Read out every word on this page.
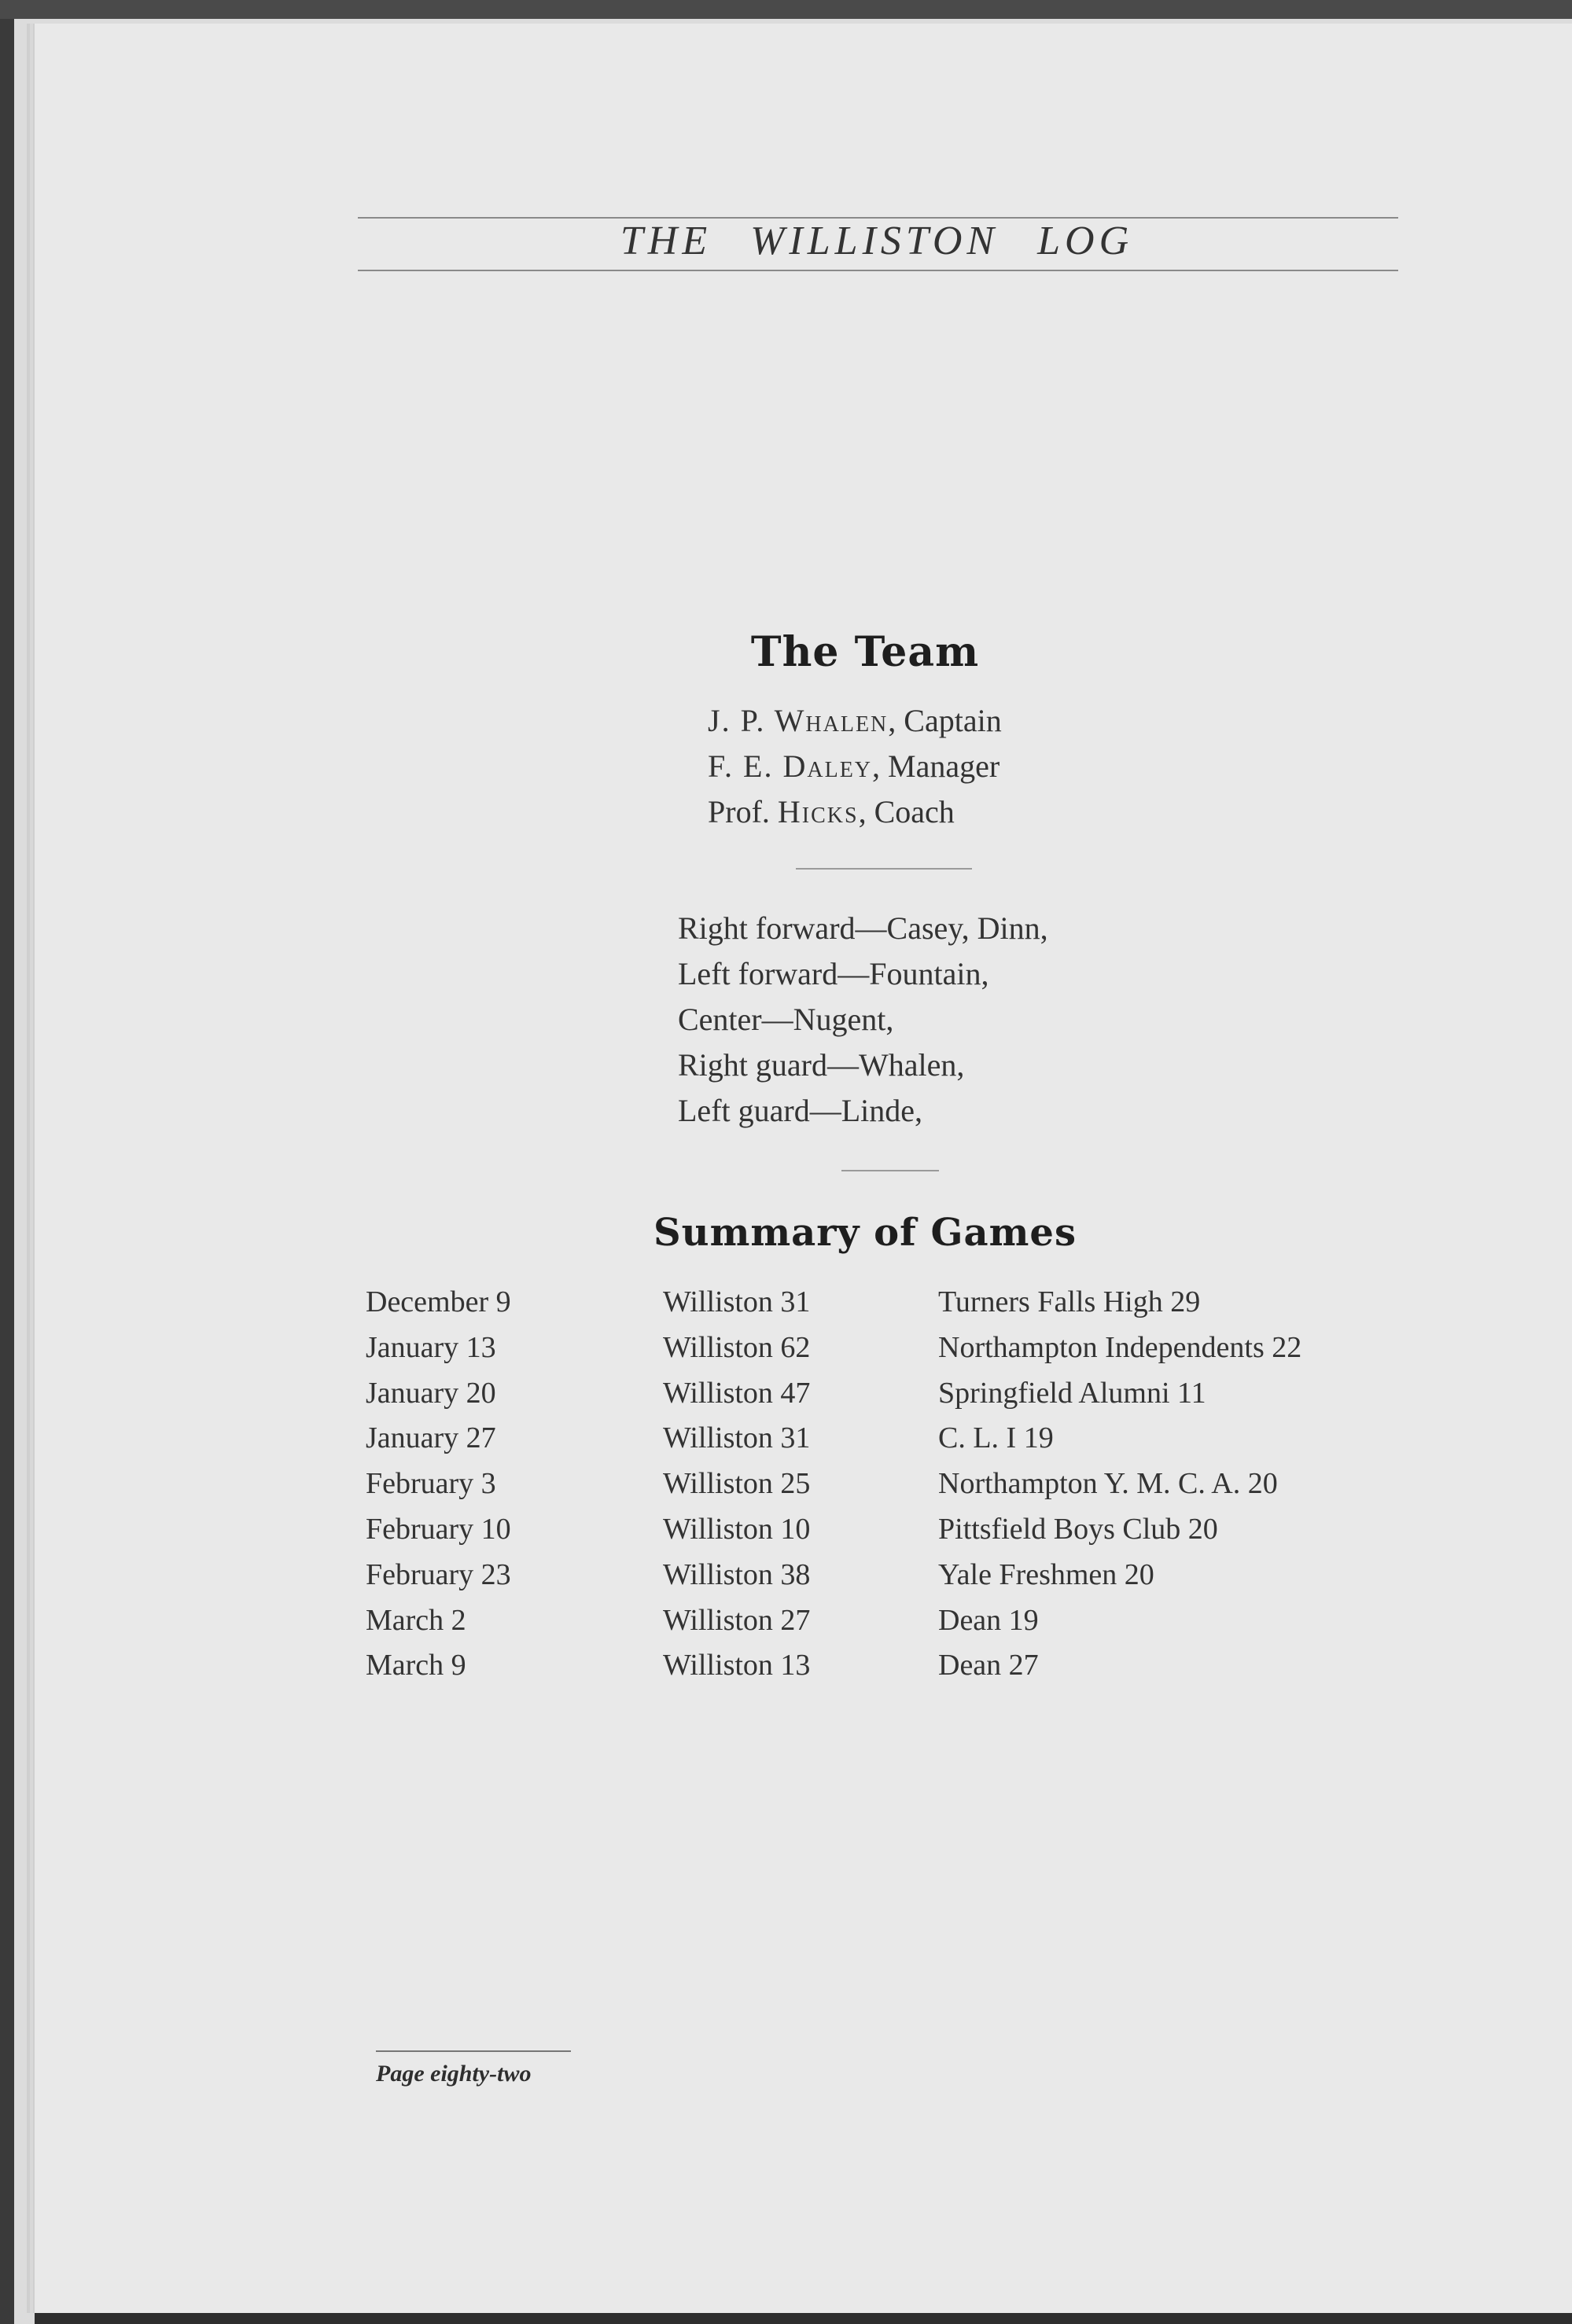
THE WILLISTON LOG
The Team
J. P. Whalen, Captain
F. E. Daley, Manager
Prof. Hicks, Coach
Right forward—Casey, Dinn,
Left forward—Fountain,
Center—Nugent,
Right guard—Whalen,
Left guard—Linde,
Summary of Games
December 9	Williston 31	Turners Falls High 29
January 13	Williston 62	Northampton Independents 22
January 20	Williston 47	Springfield Alumni 11
January 27	Williston 31	C. L. I 19
February 3	Williston 25	Northampton Y. M. C. A. 20
February 10	Williston 10	Pittsfield Boys Club 20
February 23	Williston 38	Yale Freshmen 20
March 2	Williston 27	Dean 19
March 9	Williston 13	Dean 27
Page eighty-two
